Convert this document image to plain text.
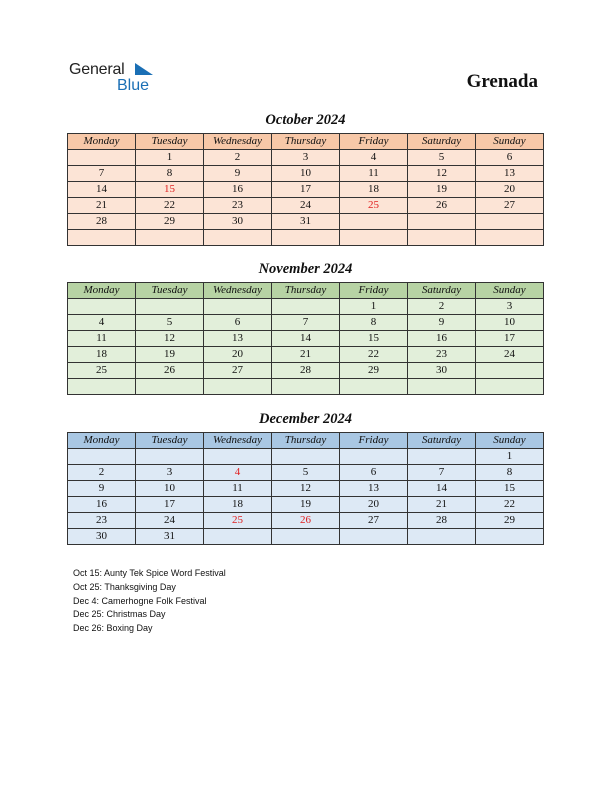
General
Blue	Grenada
October 2024
Monday	Tuesday	Wednesday	Thursday	Friday	Saturday	Sunday
	1	2	3	4	5	6
7	8	9	10	11	12	13
14	15	16	17	18	19	20
21	22	23	24	25	26	27
28	29	30	31			

November 2024
Monday	Tuesday	Wednesday	Thursday	Friday	Saturday	Sunday
				1	2	3
4	5	6	7	8	9	10
11	12	13	14	15	16	17
18	19	20	21	22	23	24
25	26	27	28	29	30	

December 2024
Monday	Tuesday	Wednesday	Thursday	Friday	Saturday	Sunday
						1
2	3	4	5	6	7	8
9	10	11	12	13	14	15
16	17	18	19	20	21	22
23	24	25	26	27	28	29
30	31					
Oct 15: Aunty Tek Spice Word Festival
Oct 25: Thanksgiving Day
Dec 4: Camerhogne Folk Festival
Dec 25: Christmas Day
Dec 26: Boxing Day
